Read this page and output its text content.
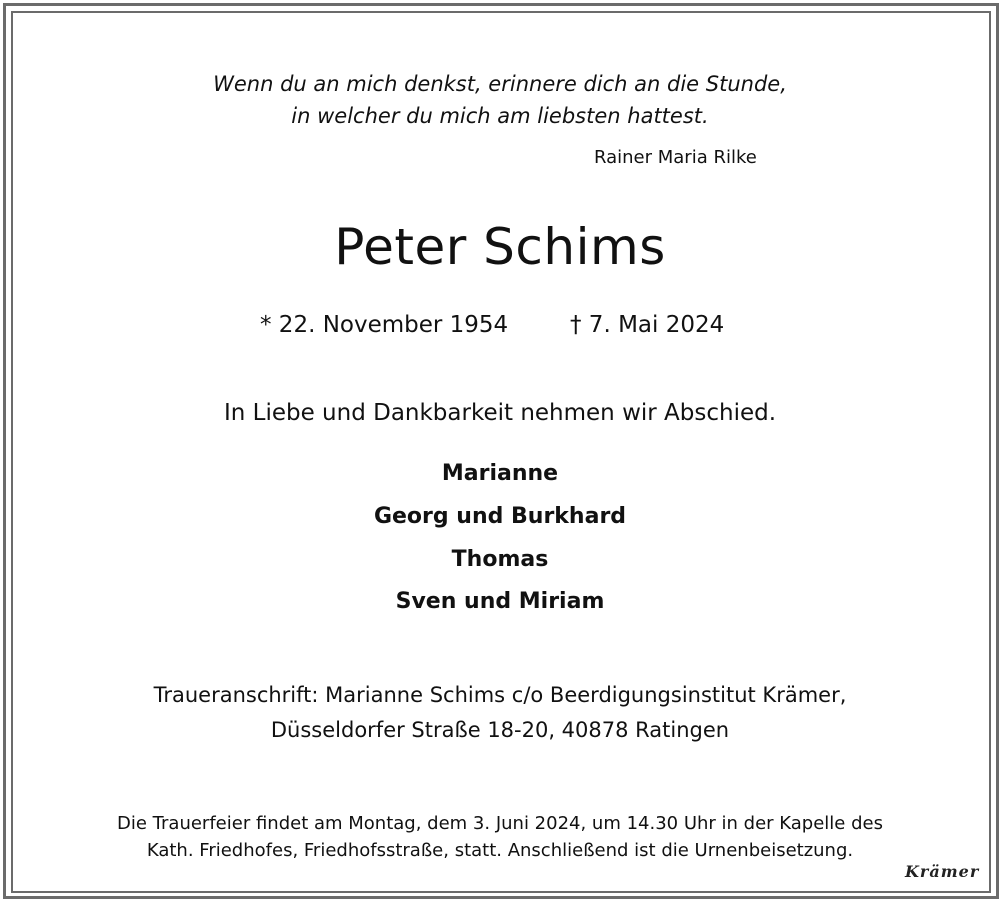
Wenn du an mich denkst, erinnere dich an die Stunde,
in welcher du mich am liebsten hattest.
Rainer Maria Rilke
Peter Schims
* 22. November 1954	† 7. Mai 2024
In Liebe und Dankbarkeit nehmen wir Abschied.
Marianne
Georg und Burkhard
Thomas
Sven und Miriam
Traueranschrift: Marianne Schims c/o Beerdigungsinstitut Krämer,
Düsseldorfer Straße 18-20, 40878 Ratingen
Die Trauerfeier findet am Montag, dem 3. Juni 2024, um 14.30 Uhr in der Kapelle des
Kath. Friedhofes, Friedhofsstraße, statt. Anschließend ist die Urnenbeisetzung.
Krämer
